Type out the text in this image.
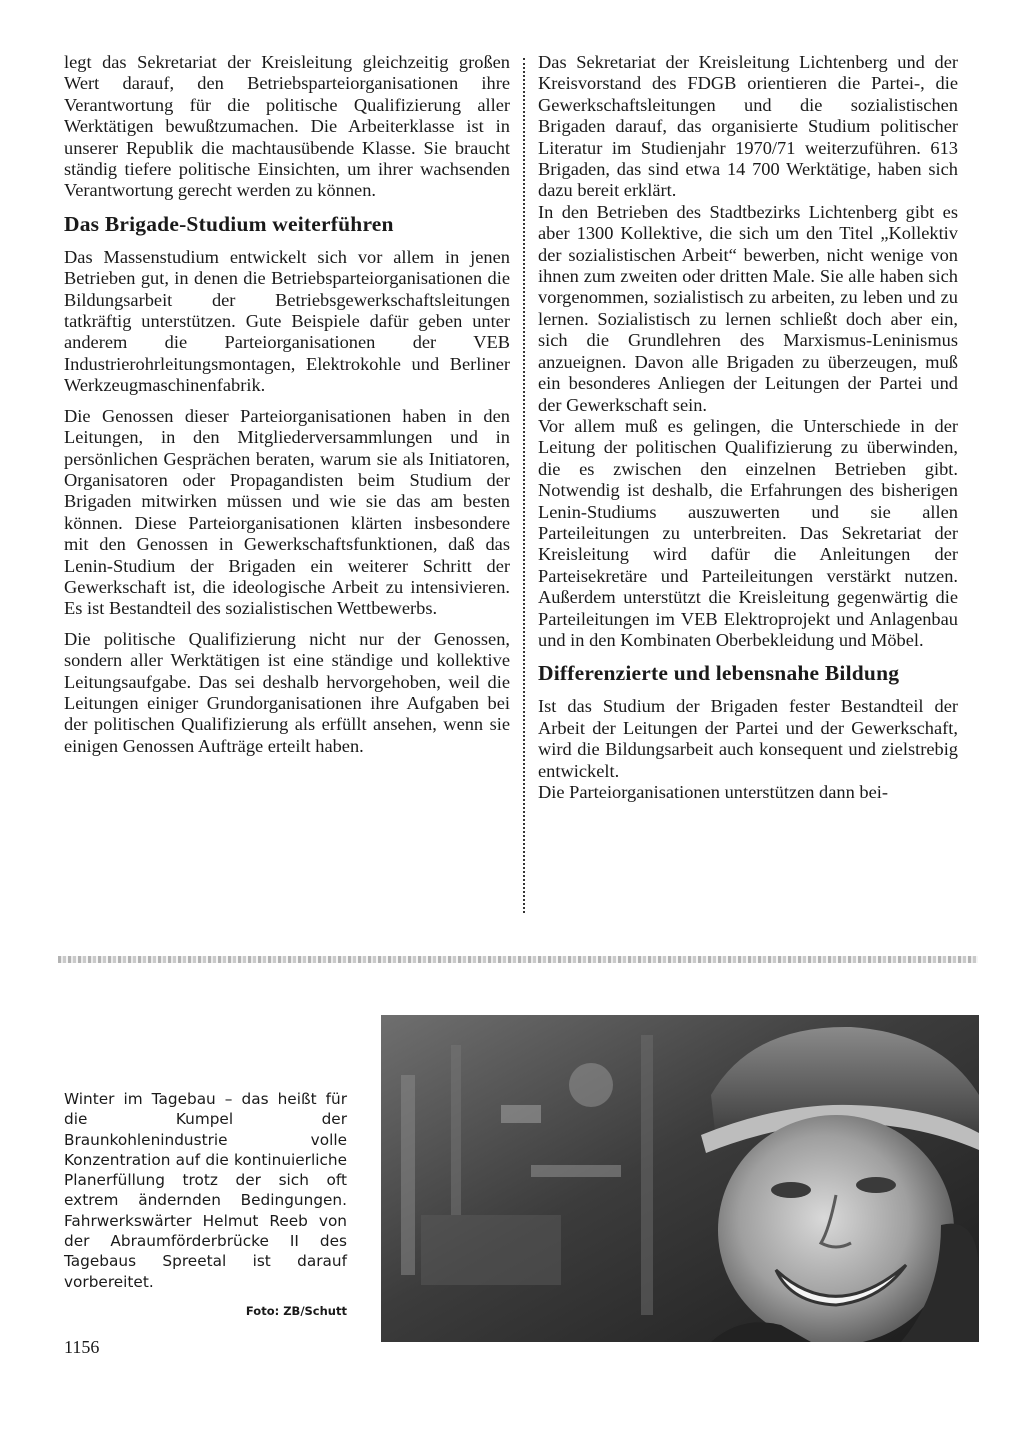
legt das Sekretariat der Kreisleitung gleichzeitig großen Wert darauf, den Betriebsparteiorganisationen ihre Verantwortung für die politische Qualifizierung aller Werktätigen bewußtzumachen. Die Arbeiterklasse ist in unserer Republik die machtausübende Klasse. Sie braucht ständig tiefere politische Einsichten, um ihrer wachsenden Verantwortung gerecht werden zu können.

Das Brigade-Studium weiterführen

Das Massenstudium entwickelt sich vor allem in jenen Betrieben gut, in denen die Betriebsparteiorganisationen die Bildungsarbeit der Betriebsgewerkschaftsleitungen tatkräftig unterstützen. Gute Beispiele dafür geben unter anderem die Parteiorganisationen der VEB Industrierohrleitungsmontagen, Elektrokohle und Berliner Werkzeugmaschinenfabrik.

Die Genossen dieser Parteiorganisationen haben in den Leitungen, in den Mitgliederversammlungen und in persönlichen Gesprächen beraten, warum sie als Initiatoren, Organisatoren oder Propagandisten beim Studium der Brigaden mitwirken müssen und wie sie das am besten können. Diese Parteiorganisationen klärten insbesondere mit den Genossen in Gewerkschaftsfunktionen, daß das Lenin-Studium der Brigaden ein weiterer Schritt der Gewerkschaft ist, die ideologische Arbeit zu intensivieren. Es ist Bestandteil des sozialistischen Wettbewerbs.

Die politische Qualifizierung nicht nur der Genossen, sondern aller Werktätigen ist eine ständige und kollektive Leitungsaufgabe. Das sei deshalb hervorgehoben, weil die Leitungen einiger Grundorganisationen ihre Aufgaben bei der politischen Qualifizierung als erfüllt ansehen, wenn sie einigen Genossen Aufträge erteilt haben.

Das Sekretariat der Kreisleitung Lichtenberg und der Kreisvorstand des FDGB orientieren die Partei-, die Gewerkschaftsleitungen und die sozialistischen Brigaden darauf, das organisierte Studium politischer Literatur im Studienjahr 1970/71 weiterzuführen. 613 Brigaden, das sind etwa 14 700 Werktätige, haben sich dazu bereit erklärt.

In den Betrieben des Stadtbezirks Lichtenberg gibt es aber 1300 Kollektive, die sich um den Titel „Kollektiv der sozialistischen Arbeit“ bewerben, nicht wenige von ihnen zum zweiten oder dritten Male. Sie alle haben sich vorgenommen, sozialistisch zu arbeiten, zu leben und zu lernen. Sozialistisch zu lernen schließt doch aber ein, sich die Grundlehren des Marxismus-Leninismus anzueignen. Davon alle Brigaden zu überzeugen, muß ein besonderes Anliegen der Leitungen der Partei und der Gewerkschaft sein.

Vor allem muß es gelingen, die Unterschiede in der Leitung der politischen Qualifizierung zu überwinden, die es zwischen den einzelnen Betrieben gibt. Notwendig ist deshalb, die Erfahrungen des bisherigen Lenin-Studiums auszuwerten und sie allen Parteileitungen zu unterbreiten. Das Sekretariat der Kreisleitung wird dafür die Anleitungen der Parteisekretäre und Parteileitungen verstärkt nutzen. Außerdem unterstützt die Kreisleitung gegenwärtig die Parteileitungen im VEB Elektroprojekt und Anlagenbau und in den Kombinaten Oberbekleidung und Möbel.

Differenzierte und lebensnahe Bildung

Ist das Studium der Brigaden fester Bestandteil der Arbeit der Leitungen der Partei und der Gewerkschaft, wird die Bildungsarbeit auch konsequent und zielstrebig entwickelt.

Die Parteiorganisationen unterstützen dann bei-

Winter im Tagebau – das heißt für die Kumpel der Braunkohlenindustrie volle Konzentration auf die kontinuierliche Planerfüllung trotz der sich oft extrem ändernden Bedingungen. Fahrwerkswärter Helmut Reeb von der Abraumförderbrücke II des Tagebaus Spreetal ist darauf vorbereitet.

Foto: ZB/Schutt
1156
